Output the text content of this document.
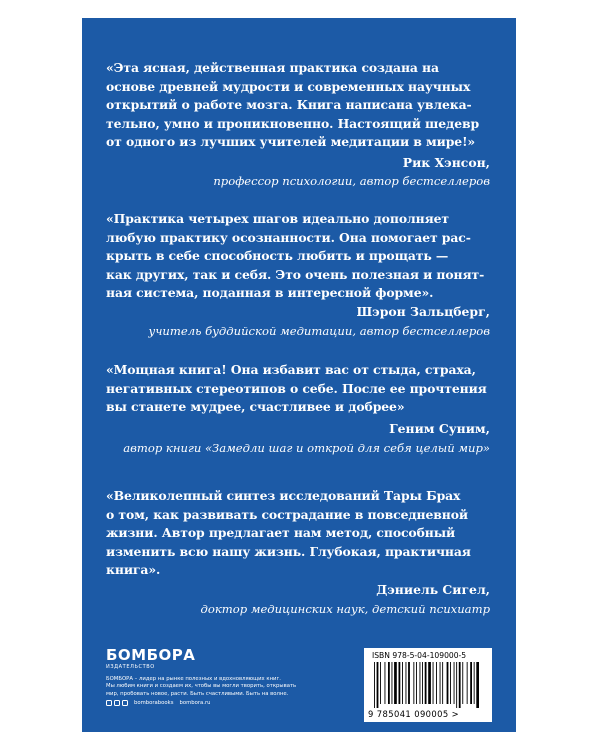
«Эта ясная, действенная практика создана на
основе древней мудрости и современных научных
открытий о работе мозга. Книга написана увлека-
тельно, умно и проникновенно. Настоящий шедевр
от одного из лучших учителей медитации в мире!»
Рик Хэнсон,
профессор психологии, автор бестселлеров
«Практика четырех шагов идеально дополняет
любую практику осознанности. Она помогает рас-
крыть в себе способность любить и прощать —
как других, так и себя. Это очень полезная и понят-
ная система, поданная в интересной форме».
Шэрон Зальцберг,
учитель буддийской медитации, автор бестселлеров
«Мощная книга! Она избавит вас от стыда, страха,
негативных стереотипов о себе. После ее прочтения
вы станете мудрее, счастливее и добрее»
Геним Суним,
автор книги «Замедли шаг и открой для себя целый мир»
«Великолепный синтез исследований Тары Брах
о том, как развивать сострадание в повседневной
жизни. Автор предлагает нам метод, способный
изменить всю нашу жизнь. Глубокая, практичная
книга».
Дэниель Сигел,
доктор медицинских наук, детский психиатр
БОМБОРА
ИЗДАТЕЛЬСТВО
БОМБОРА – лидер на рынке полезных и вдохновляющих книг.
Мы любим книги и создаем их, чтобы вы могли творить, открывать
мир, пробовать новое, расти. Быть счастливыми. Быть на волне.
bomborabooks bombora.ru
ISBN 978-5-04-109000-5
9 785041 090005 >
